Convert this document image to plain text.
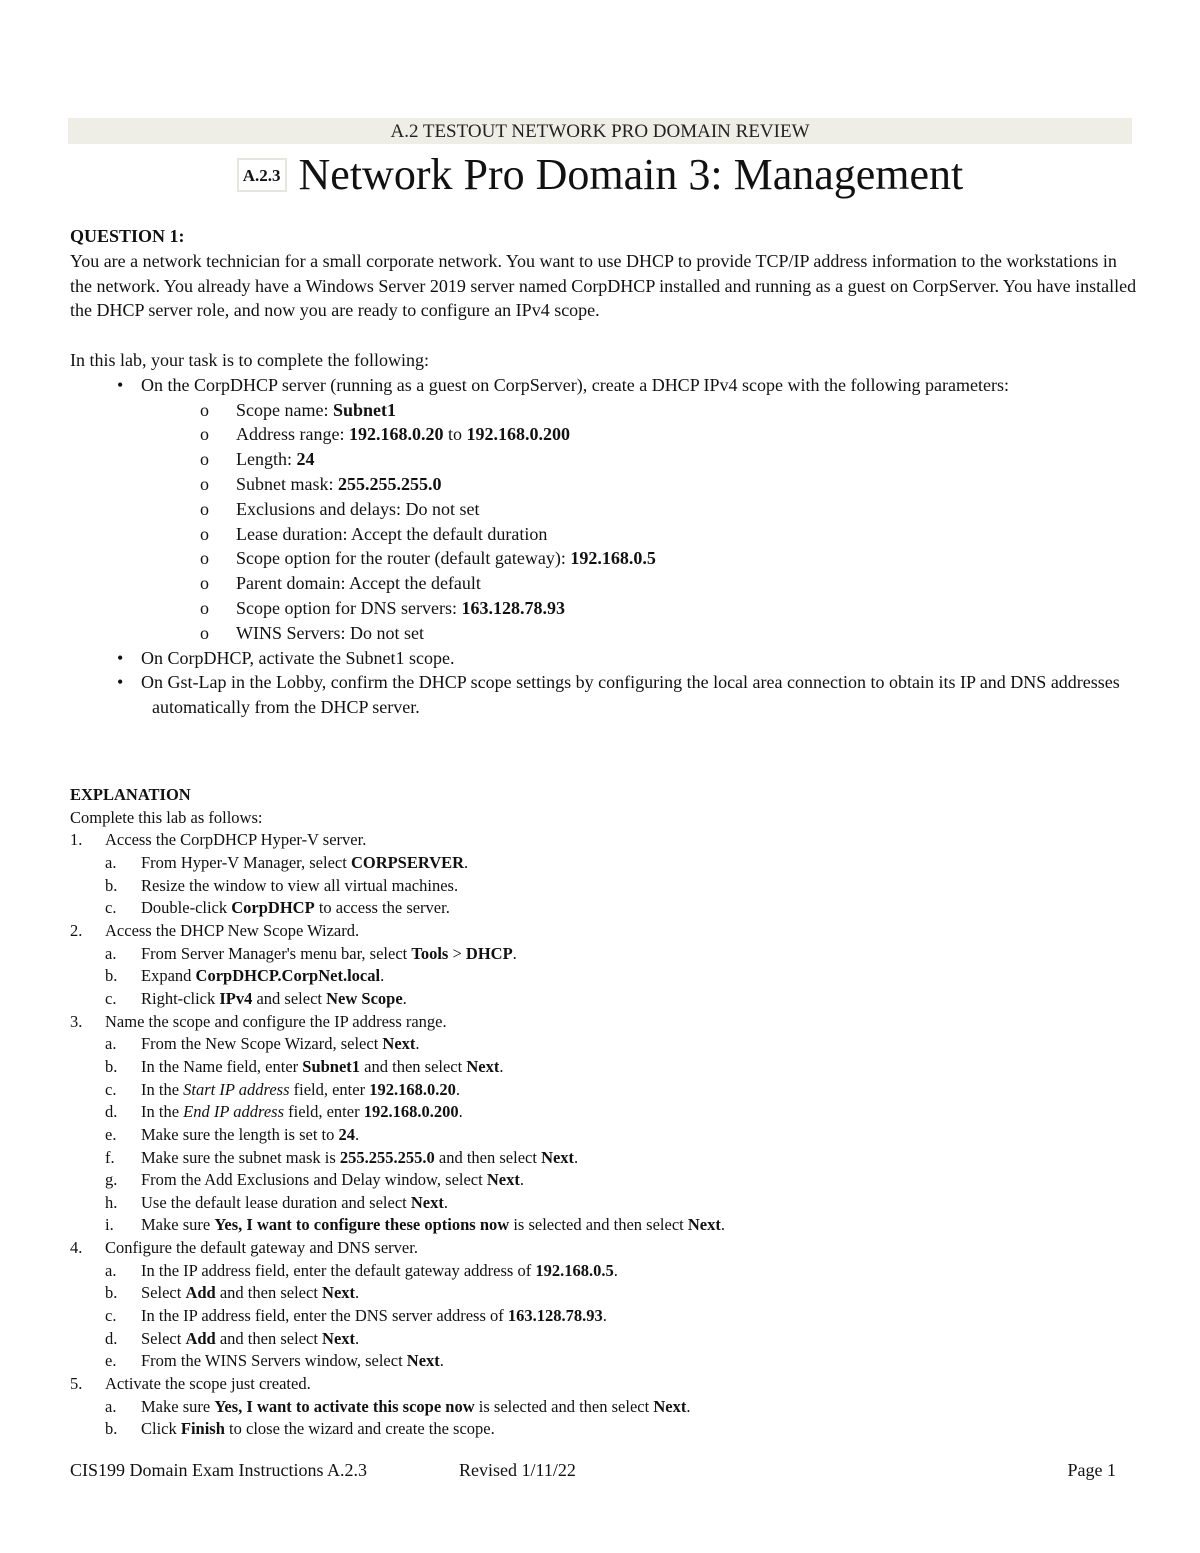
A.2 TESTOUT NETWORK PRO DOMAIN REVIEW
A.2.3 Network Pro Domain 3: Management
QUESTION 1:
You are a network technician for a small corporate network. You want to use DHCP to provide TCP/IP address information to the workstations in the network. You already have a Windows Server 2019 server named CorpDHCP installed and running as a guest on CorpServer. You have installed the DHCP server role, and now you are ready to configure an IPv4 scope.
In this lab, your task is to complete the following:
• On the CorpDHCP server (running as a guest on CorpServer), create a DHCP IPv4 scope with the following parameters:
o Scope name: Subnet1
o Address range: 192.168.0.20 to 192.168.0.200
o Length: 24
o Subnet mask: 255.255.255.0
o Exclusions and delays: Do not set
o Lease duration: Accept the default duration
o Scope option for the router (default gateway): 192.168.0.5
o Parent domain: Accept the default
o Scope option for DNS servers: 163.128.78.93
o WINS Servers: Do not set
• On CorpDHCP, activate the Subnet1 scope.
• On Gst-Lap in the Lobby, confirm the DHCP scope settings by configuring the local area connection to obtain its IP and DNS addresses automatically from the DHCP server.
EXPLANATION
Complete this lab as follows:
1. Access the CorpDHCP Hyper-V server.
a. From Hyper-V Manager, select CORPSERVER.
b. Resize the window to view all virtual machines.
c. Double-click CorpDHCP to access the server.
2. Access the DHCP New Scope Wizard.
a. From Server Manager's menu bar, select Tools > DHCP.
b. Expand CorpDHCP.CorpNet.local.
c. Right-click IPv4 and select New Scope.
3. Name the scope and configure the IP address range.
a. From the New Scope Wizard, select Next.
b. In the Name field, enter Subnet1 and then select Next.
c. In the Start IP address field, enter 192.168.0.20.
d. In the End IP address field, enter 192.168.0.200.
e. Make sure the length is set to 24.
f. Make sure the subnet mask is 255.255.255.0 and then select Next.
g. From the Add Exclusions and Delay window, select Next.
h. Use the default lease duration and select Next.
i. Make sure Yes, I want to configure these options now is selected and then select Next.
4. Configure the default gateway and DNS server.
a. In the IP address field, enter the default gateway address of 192.168.0.5.
b. Select Add and then select Next.
c. In the IP address field, enter the DNS server address of 163.128.78.93.
d. Select Add and then select Next.
e. From the WINS Servers window, select Next.
5. Activate the scope just created.
a. Make sure Yes, I want to activate this scope now is selected and then select Next.
b. Click Finish to close the wizard and create the scope.
CIS199 Domain Exam Instructions A.2.3	Revised 1/11/22	Page 1
